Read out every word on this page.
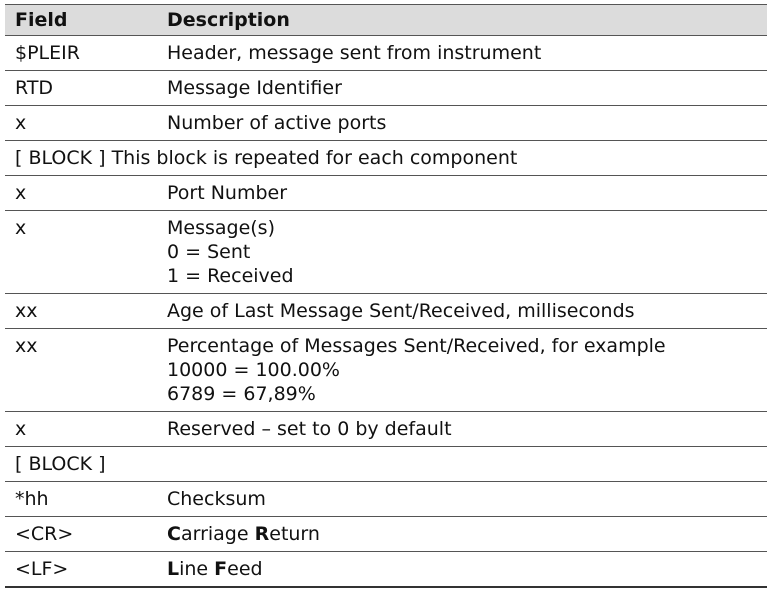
Field	Description
$PLEIR	Header, message sent from instrument

RTD	Message Identifier

x	Number of active ports

[ BLOCK ] This block is repeated for each component	
x	Port Number

x	Message(s)
0 = Sent
1 = Received

xx	Age of Last Message Sent/Received, milliseconds

xx	Percentage of Messages Sent/Received, for example
10000 = 100.00%
6789 = 67,89%

x	Reserved – set to 0 by default

[ BLOCK ]	
*hh	Checksum

<CR>	Carriage Return
<LF>	Line Feed
